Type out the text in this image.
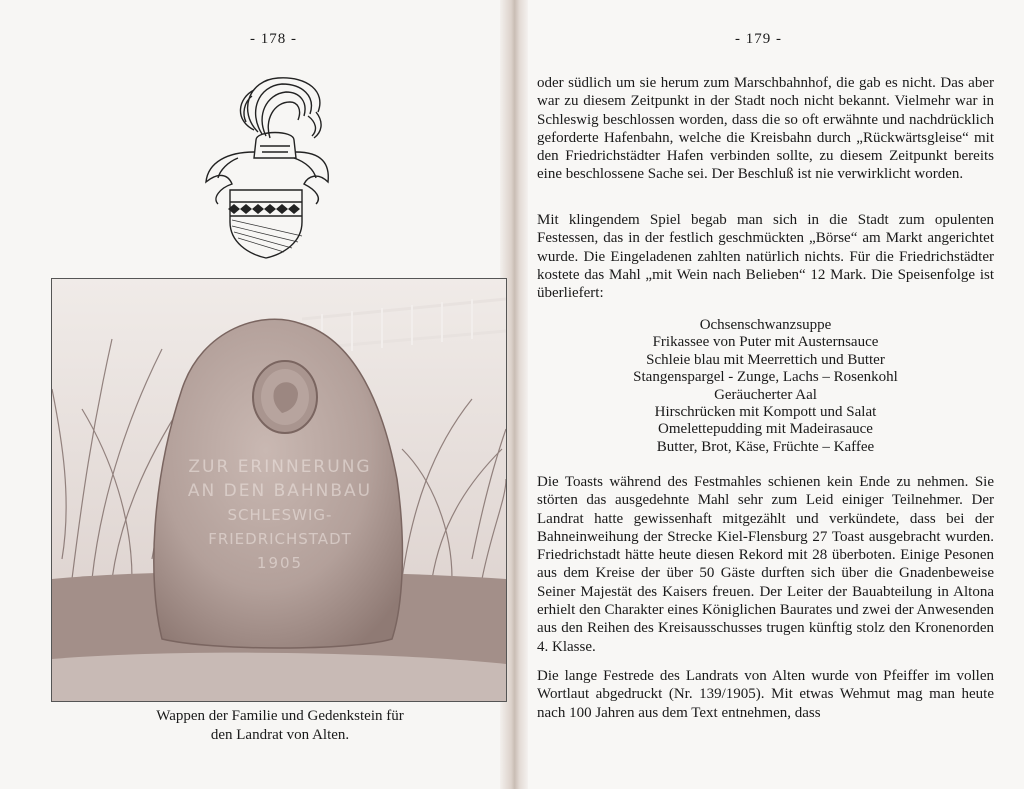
- 178 -	- 179 -
ZUR ERINNERUNG
AN DEN BAHNBAU
SCHLESWIG-FRIEDRICHSTADT
1905
Wappen der Familie und Gedenkstein für
den Landrat von Alten.

oder südlich um sie herum zum Marschbahnhof, die gab es nicht. Das aber war zu diesem Zeitpunkt in der Stadt noch nicht bekannt. Vielmehr war in Schleswig beschlossen worden, dass die so oft erwähnte und nachdrücklich geforderte Hafenbahn, welche die Kreisbahn durch „Rückwärtsgleise“ mit den Friedrichstädter Hafen verbinden sollte, zu diesem Zeitpunkt bereits eine beschlossene Sache sei. Der Beschluß ist nie verwirklicht worden.

Mit klingendem Spiel begab man sich in die Stadt zum opulenten Festessen, das in der festlich geschmückten „Börse“ am Markt angerichtet wurde. Die Eingeladenen zahlten natürlich nichts. Für die Friedrichstädter kostete das Mahl „mit Wein nach Belieben“ 12 Mark. Die Speisenfolge ist überliefert:

Ochsenschwanzsuppe
Frikassee von Puter mit Austernsauce
Schleie blau mit Meerrettich und Butter
Stangenspargel - Zunge, Lachs – Rosenkohl
Geräucherter Aal
Hirschrücken mit Kompott und Salat
Omelettepudding mit Madeirasauce
Butter, Brot, Käse, Früchte – Kaffee

Die Toasts während des Festmahles schienen kein Ende zu nehmen. Sie störten das ausgedehnte Mahl sehr zum Leid einiger Teilnehmer. Der Landrat hatte gewissenhaft mitgezählt und verkündete, dass bei der Bahneinweihung der Strecke Kiel-Flensburg 27 Toast ausgebracht wurden. Friedrichstadt hätte heute diesen Rekord mit 28 überboten. Einige Pesonen aus dem Kreise der über 50 Gäste durften sich über die Gnadenbeweise Seiner Majestät des Kaisers freuen. Der Leiter der Bauabteilung in Altona erhielt den Charakter eines Königlichen Baurates und zwei der Anwesenden aus den Reihen des Kreisausschusses trugen künftig stolz den Kronenorden 4. Klasse.

Die lange Festrede des Landrats von Alten wurde von Pfeiffer im vollen Wortlaut abgedruckt (Nr. 139/1905). Mit etwas Wehmut mag man heute nach 100 Jahren aus dem Text entnehmen, dass
